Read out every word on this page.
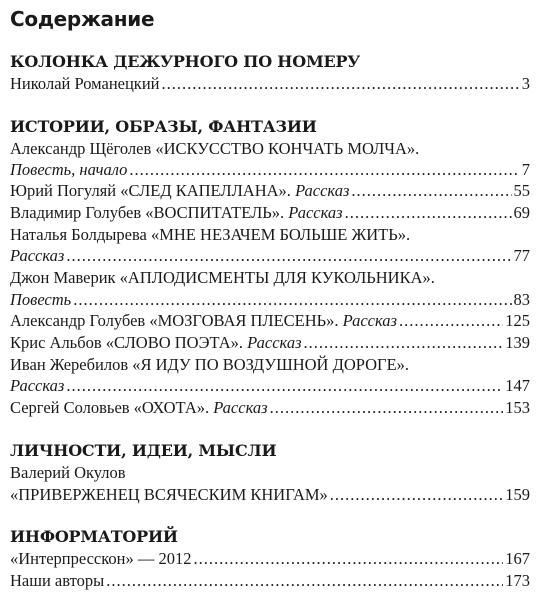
Содержание
КОЛОНКА ДЕЖУРНОГО ПО НОМЕРУ
Николай Романецкий .....	3
ИСТОРИИ, ОБРАЗЫ, ФАНТАЗИИ
Александр Щёголев «ИСКУССТВО КОНЧАТЬ МОЛЧА».
Повесть, начало .....	7
Юрий Погуляй «СЛЕД КАПЕЛЛАНА». Рассказ .....	55
Владимир Голубев «ВОСПИТАТЕЛЬ». Рассказ .....	69
Наталья Болдырева «МНЕ НЕЗАЧЕМ БОЛЬШЕ ЖИТЬ».
Рассказ .....	77
Джон Маверик «АПЛОДИСМЕНТЫ ДЛЯ КУКОЛЬНИКА».
Повесть .....	83
Александр Голубев «МОЗГОВАЯ ПЛЕСЕНЬ». Рассказ .....	125
Крис Альбов «СЛОВО ПОЭТА». Рассказ .....	139
Иван Жеребилов «Я ИДУ ПО ВОЗДУШНОЙ ДОРОГЕ».
Рассказ .....	147
Сергей Соловьев «ОХОТА». Рассказ .....	153
ЛИЧНОСТИ, ИДЕИ, МЫСЛИ
Валерий Окулов
«ПРИВЕРЖЕНЕЦ ВСЯЧЕСКИМ КНИГАМ» .....	159
ИНФОРМАТОРИЙ
«Интерпресскон» — 2012 .....	167
Наши авторы .....	173
